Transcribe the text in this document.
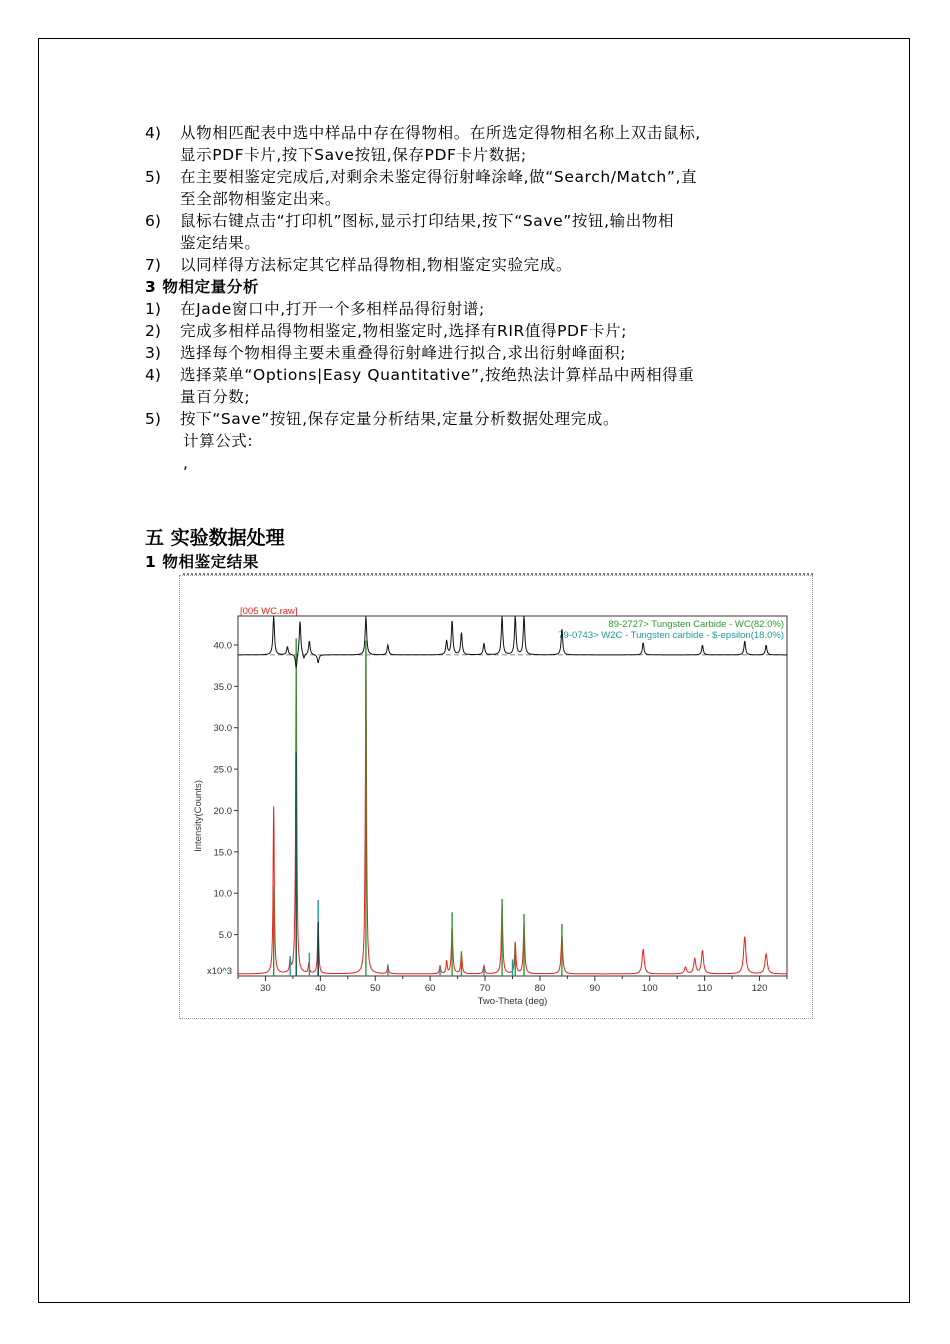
4) 从物相匹配表中选中样品中存在得物相。在所选定得物相名称上双击鼠标,
显示PDF卡片,按下Save按钮,保存PDF卡片数据;
5) 在主要相鉴定完成后,对剩余未鉴定得衍射峰涂峰,做“Search/Match”,直
至全部物相鉴定出来。
6) 鼠标右键点击“打印机”图标,显示打印结果,按下“Save”按钮,输出物相
鉴定结果。
7) 以同样得方法标定其它样品得物相,物相鉴定实验完成。
3 物相定量分析
1) 在Jade窗口中,打开一个多相样品得衍射谱;
2) 完成多相样品得物相鉴定,物相鉴定时,选择有RIR值得PDF卡片;
3) 选择每个物相得主要未重叠得衍射峰进行拟合,求出衍射峰面积;
4) 选择菜单“Options|Easy Quantitative”,按绝热法计算样品中两相得重
量百分数;
5) 按下“Save”按钮,保存定量分析结果,定量分析数据处理完成。
计算公式:
,
五 实验数据处理
1 物相鉴定结果
5.0
10.0
15.0
20.0
25.0
30.0
35.0
40.0
x10^3
30	40	50	60	70	80	90	100	110	120
Two-Theta (deg)
Intensity(Counts)
[005 WC.raw]
89-2727> Tungsten Carbide - WC(82.0%)
79-0743> W2C - Tungsten carbide - $-epsilon(18.0%)
